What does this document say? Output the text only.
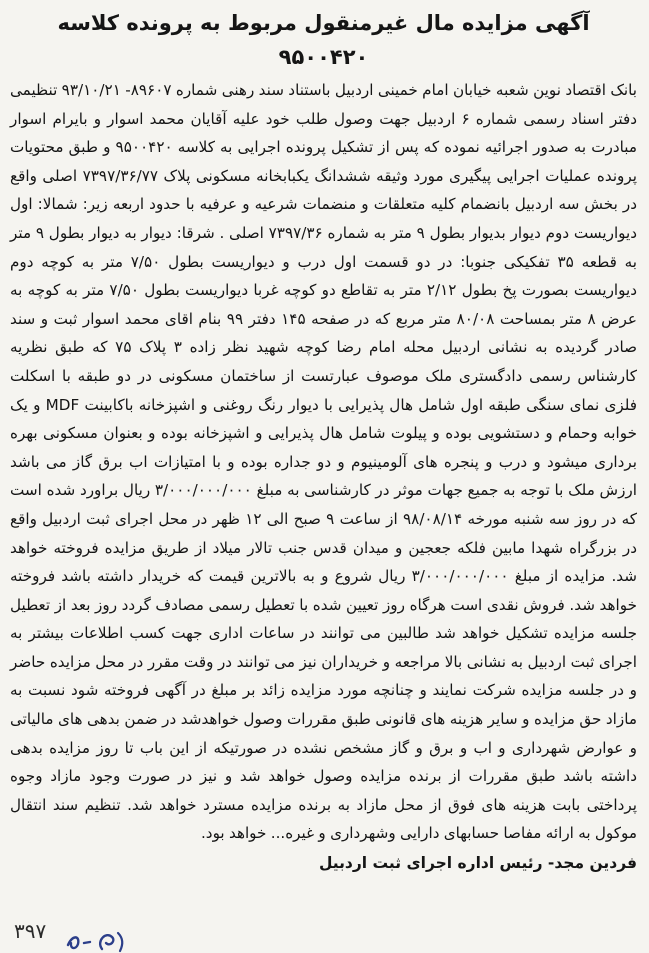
آگهی مزایده مال غیرمنقول مربوط به پرونده کلاسه ۹۵۰۰۴۲۰

بانک اقتصاد نوین شعبه خیابان امام خمینی اردبیل باستناد سند رهنی شماره ۸۹۶۰۷- ۹۳/۱۰/۲۱ تنظیمی دفتر اسناد رسمی شماره ۶ اردبیل جهت وصول طلب خود علیه آقایان محمد اسوار و بایرام اسوار مبادرت به صدور اجرائیه نموده که پس از تشکیل پرونده اجرایی به کلاسه ۹۵۰۰۴۲۰ و طبق محتویات پرونده عملیات اجرایی پیگیری مورد وثیقه ششدانگ یکبابخانه مسکونی پلاک ۷۳۹۷/۳۶/۷۷ اصلی واقع در بخش سه اردبیل بانضمام کلیه متعلقات و منضمات شرعیه و عرفیه با حدود اربعه زیر: شمالا: اول دیواریست دوم دیوار بدیوار بطول ۹ متر به شماره ۷۳۹۷/۳۶ اصلی . شرقا: دیوار به دیوار بطول ۹ متر به قطعه ۳۵ تفکیکی جنوبا: در دو قسمت اول درب و دیواریست بطول ۷/۵۰ متر به کوچه دوم دیواریست بصورت پخ بطول ۲/۱۲ متر به تقاطع دو کوچه غربا دیواریست بطول ۷/۵۰ متر به کوچه به عرض ۸ متر بمساحت ۸۰/۰۸ متر مربع که در صفحه ۱۴۵ دفتر ۹۹ بنام اقای محمد اسوار ثبت و سند صادر گردیده به نشانی اردبیل محله امام رضا کوچه شهید نظر زاده ۳ پلاک ۷۵ که طبق نظریه کارشناس رسمی دادگستری ملک موصوف عبارتست از ساختمان مسکونی در دو طبقه با اسکلت فلزی نمای سنگی طبقه اول شامل هال پذیرایی با دیوار رنگ روغنی و اشپزخانه باکابینت MDF و یک خوابه وحمام و دستشویی بوده و پیلوت شامل هال پذیرایی و اشپزخانه بوده و بعنوان مسکونی بهره برداری میشود و درب و پنجره های آلومینیوم و دو جداره بوده و با امتیازات اب برق گاز می باشد ارزش ملک با توجه به جمیع جهات موثر در کارشناسی به مبلغ ۳/۰۰۰/۰۰۰/۰۰۰ ریال براورد شده است که در روز سه شنبه مورخه ۹۸/۰۸/۱۴ از ساعت ۹ صبح الی ۱۲ ظهر در محل اجرای ثبت اردبیل واقع در بزرگراه شهدا مابین فلکه جعجین و میدان قدس جنب تالار میلاد از طریق مزایده فروخته خواهد شد. مزایده از مبلغ ۳/۰۰۰/۰۰۰/۰۰۰ ریال شروع و به بالاترین قیمت که خریدار داشته باشد فروخته خواهد شد. فروش نقدی است هرگاه روز تعیین شده با تعطیل رسمی مصادف گردد روز بعد از تعطیل جلسه مزایده تشکیل خواهد شد طالبین می توانند در ساعات اداری جهت کسب اطلاعات بیشتر به اجرای ثبت اردبیل به نشانی بالا مراجعه و خریداران نیز می توانند در وقت مقرر در محل مزایده حاضر و در جلسه مزایده شرکت نمایند و چنانچه مورد مزایده زائد بر مبلغ در آگهی فروخته شود نسبت به مازاد حق مزایده و سایر هزینه های قانونی طبق مقررات وصول خواهدشد در ضمن بدهی های مالیاتی و عوارض شهرداری و اب و برق و گاز مشخص نشده در صورتیکه از این باب تا روز مزایده بدهی داشته باشد طبق مقررات از برنده مزایده وصول خواهد شد و نیز در صورت وجود مازاد وجوه پرداختی بابت هزینه های فوق از محل مازاد به برنده مزایده مسترد خواهد شد. تنظیم سند انتقال موکول به ارائه مفاصا حسابهای دارایی وشهرداری و غیره... خواهد بود.

فردین مجد- رئیس اداره اجرای ثبت اردبیل

۳۹۷
